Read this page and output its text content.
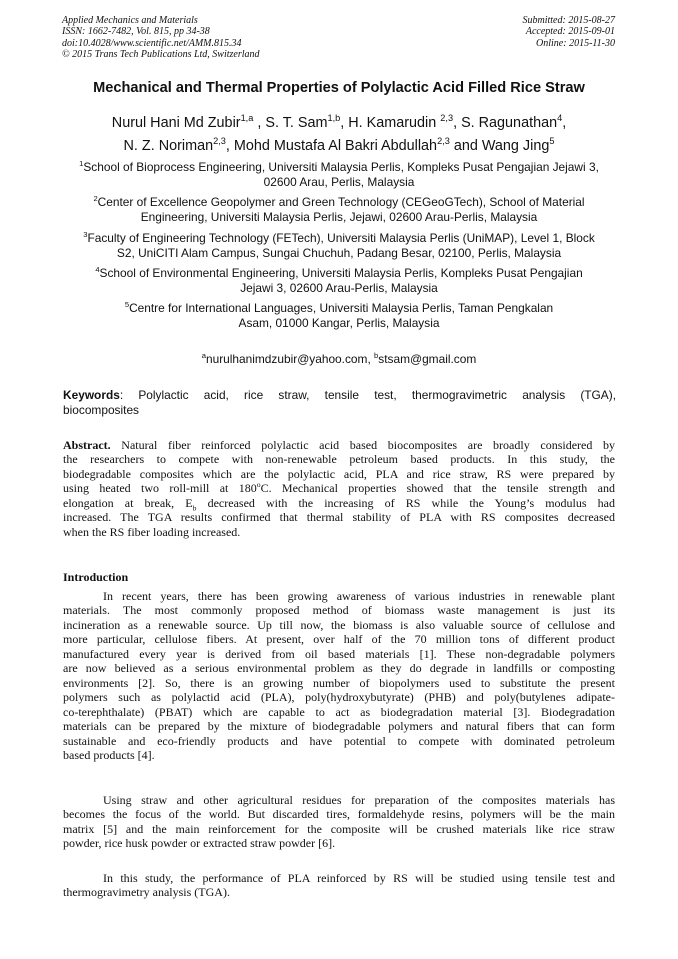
Applied Mechanics and Materials
ISSN: 1662-7482, Vol. 815, pp 34-38
doi:10.4028/www.scientific.net/AMM.815.34
© 2015 Trans Tech Publications Ltd, Switzerland
Submitted: 2015-08-27
Accepted: 2015-09-01
Online: 2015-11-30
Mechanical and Thermal Properties of Polylactic Acid Filled Rice Straw
Nurul Hani Md Zubir$^{1,a}$ , S. T. Sam$^{1,b}$, H. Kamarudin $^{2,3}$, S. Ragunathan$^4$,
N. Z. Noriman$^{2,3}$, Mohd Mustafa Al Bakri Abdullah$^{2,3}$ and Wang Jing$^5$
$^1$School of Bioprocess Engineering, Universiti Malaysia Perlis, Kompleks Pusat Pengajian Jejawi 3,
02600 Arau, Perlis, Malaysia
$^2$Center of Excellence Geopolymer and Green Technology (CEGeoGTech), School of Material
Engineering, Universiti Malaysia Perlis, Jejawi, 02600 Arau-Perlis, Malaysia
$^3$Faculty of Engineering Technology (FETech), Universiti Malaysia Perlis (UniMAP), Level 1, Block
S2, UniCITI Alam Campus, Sungai Chuchuh, Padang Besar, 02100, Perlis, Malaysia
$^4$School of Environmental Engineering, Universiti Malaysia Perlis, Kompleks Pusat Pengajian
Jejawi 3, 02600 Arau-Perlis, Malaysia
$^5$Centre for International Languages, Universiti Malaysia Perlis, Taman Pengkalan
Asam, 01000 Kangar, Perlis, Malaysia
$^a$nurulhanimdzubir@yahoo.com, $^b$stsam@gmail.com
Keywords: Polylactic acid, rice straw, tensile test, thermogravimetric analysis (TGA),
biocomposites
Abstract. Natural fiber reinforced polylactic acid based biocomposites are broadly considered by
the researchers to compete with non-renewable petroleum based products. In this study, the
biodegradable composites which are the polylactic acid, PLA and rice straw, RS were prepared by
using heated two roll-mill at 180$^o$C. Mechanical properties showed that the tensile strength and
elongation at break, $E_b$ decreased with the increasing of RS while the Young’s modulus had
increased. The TGA results confirmed that thermal stability of PLA with RS composites decreased
when the RS fiber loading increased.
Introduction
In recent years, there has been growing awareness of various industries in renewable plant
materials. The most commonly proposed method of biomass waste management is just its
incineration as a renewable source. Up till now, the biomass is also valuable source of cellulose and
more particular, cellulose fibers. At present, over half of the 70 million tons of different product
manufactured every year is derived from oil based materials [1]. These non-degradable polymers
are now believed as a serious environmental problem as they do degrade in landfills or composting
environments [2]. So, there is an growing number of biopolymers used to substitute the present
polymers such as polylactid acid (PLA), poly(hydroxybutyrate) (PHB) and poly(butylenes adipate-
co-terephthalate) (PBAT) which are capable to act as biodegradation material [3]. Biodegradation
materials can be prepared by the mixture of biodegradable polymers and natural fibers that can form
sustainable and eco-friendly products and have potential to compete with dominated petroleum
based products [4].
Using straw and other agricultural residues for preparation of the composites materials has
becomes the focus of the world. But discarded tires, formaldehyde resins, polymers will be the main
matrix [5] and the main reinforcement for the composite will be crushed materials like rice straw
powder, rice husk powder or extracted straw powder [6].
In this study, the performance of PLA reinforced by RS will be studied using tensile test and
thermogravimetry analysis (TGA).
